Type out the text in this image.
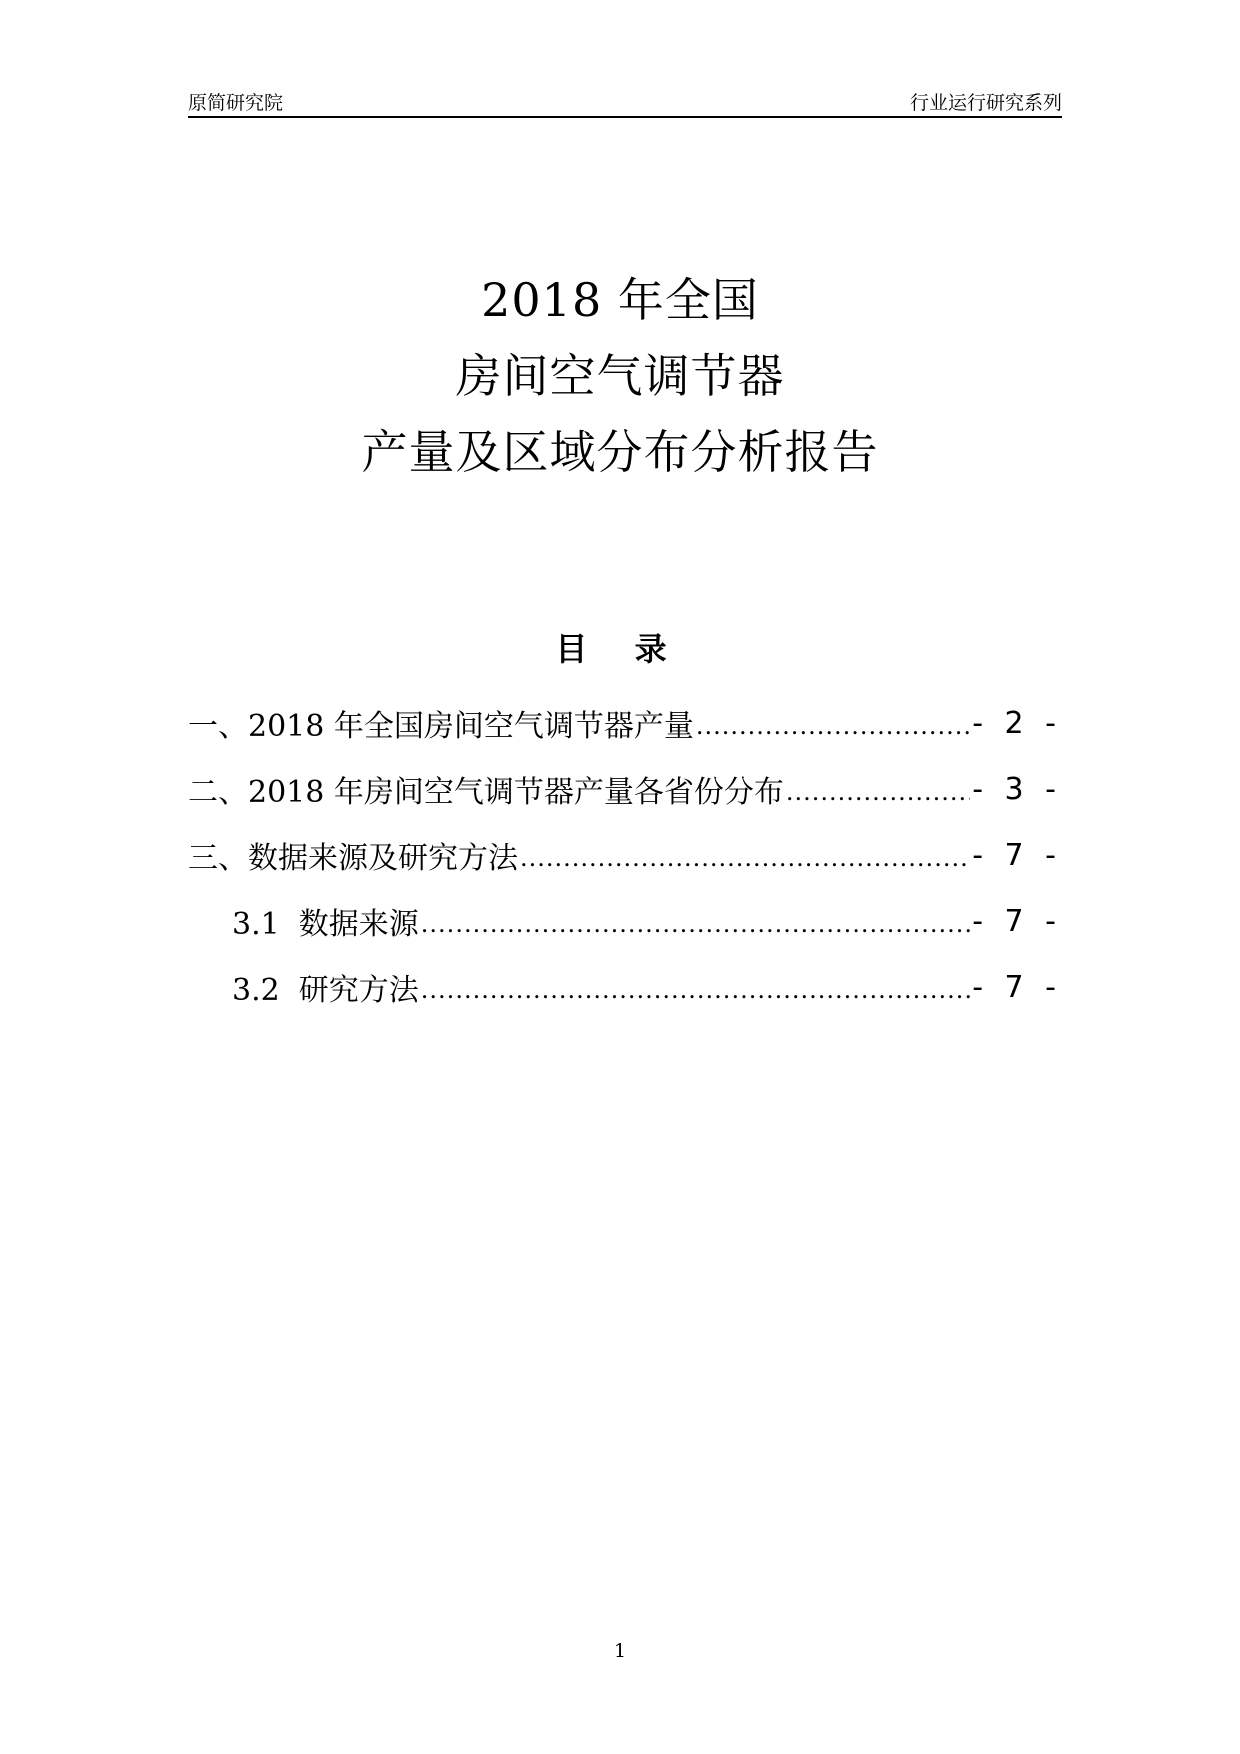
原简研究院	行业运行研究系列
2018 年全国
房间空气调节器
产量及区域分布分析报告
目 录
一、2018 年全国房间空气调节器产量 .....	- 2 -
二、2018 年房间空气调节器产量各省份分布 .....	- 3 -
三、数据来源及研究方法 .....	- 7 -
3.1  数据来源 .....	- 7 -
3.2  研究方法 .....	- 7 -
1
